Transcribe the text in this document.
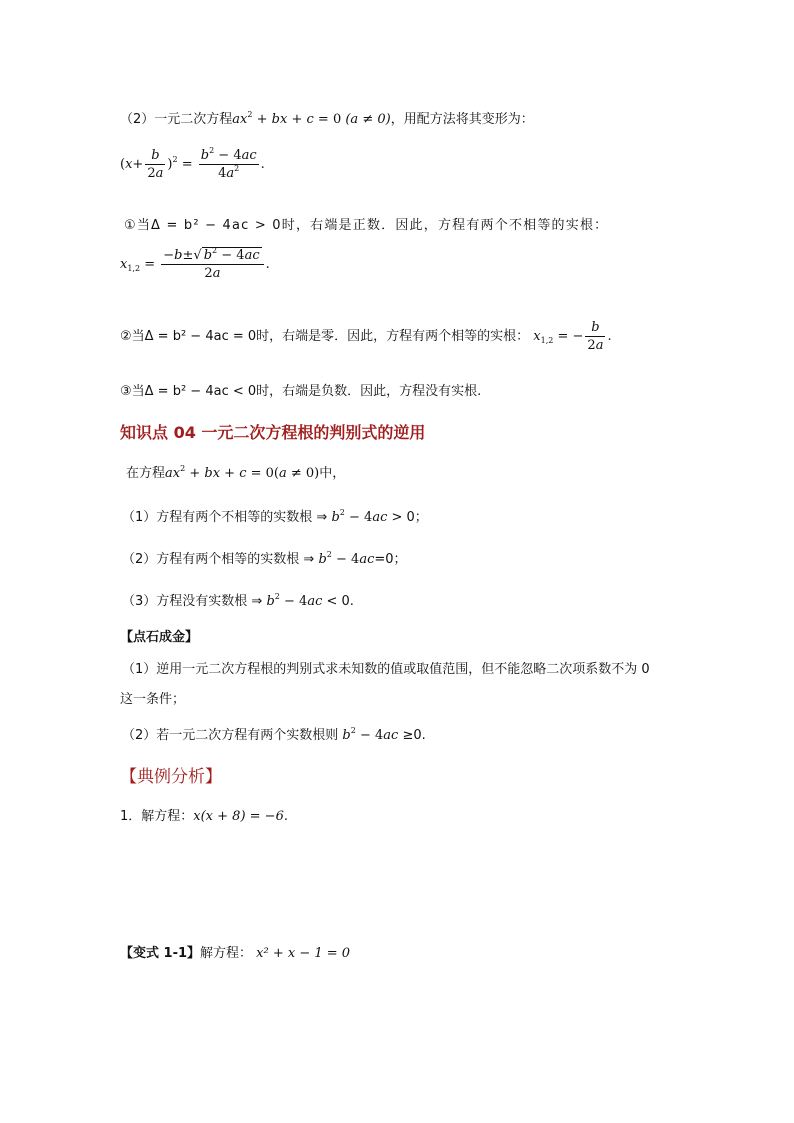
（2）一元二次方程$ax^2$ + bx + c = 0 (a ≠ 0)，用配方法将其变形为：
$(x+ \frac{b}{2a} )^2 = \frac{b^2 - 4ac}{4a^2}$ .
①当Δ = b² − 4ac > 0时，右端是正数．因此，方程有两个不相等的实根：
$x_{1,2} = \frac{-b\pm√ b^2 - 4ac}{2a}$ .
②当Δ = b² − 4ac = 0时，右端是零．因此，方程有两个相等的实根： $x_{1,2}$ = − $\frac{b}{2a}$ .
③当Δ = b² − 4ac < 0时，右端是负数．因此，方程没有实根.
知识点 04 一元二次方程根的判别式的逆用
在方程$ax^2$ + bx + c = 0(a ≠ 0)中，
（1）方程有两个不相等的实数根 ⇒ $b^2 - 4ac > 0$；
（2）方程有两个相等的实数根 ⇒ $b^2 - 4ac=0$；
（3）方程没有实数根 ⇒ $b^2 - 4ac < 0$.
【点石成金】
（1）逆用一元二次方程根的判别式求未知数的值或取值范围，但不能忽略二次项系数不为 0
这一条件；
（2）若一元二次方程有两个实数根则 $b^2 - 4ac \ge 0$.
【典例分析】
1．解方程：x(x + 8) = −6.
【变式 1-1】解方程： x² + x − 1 = 0
